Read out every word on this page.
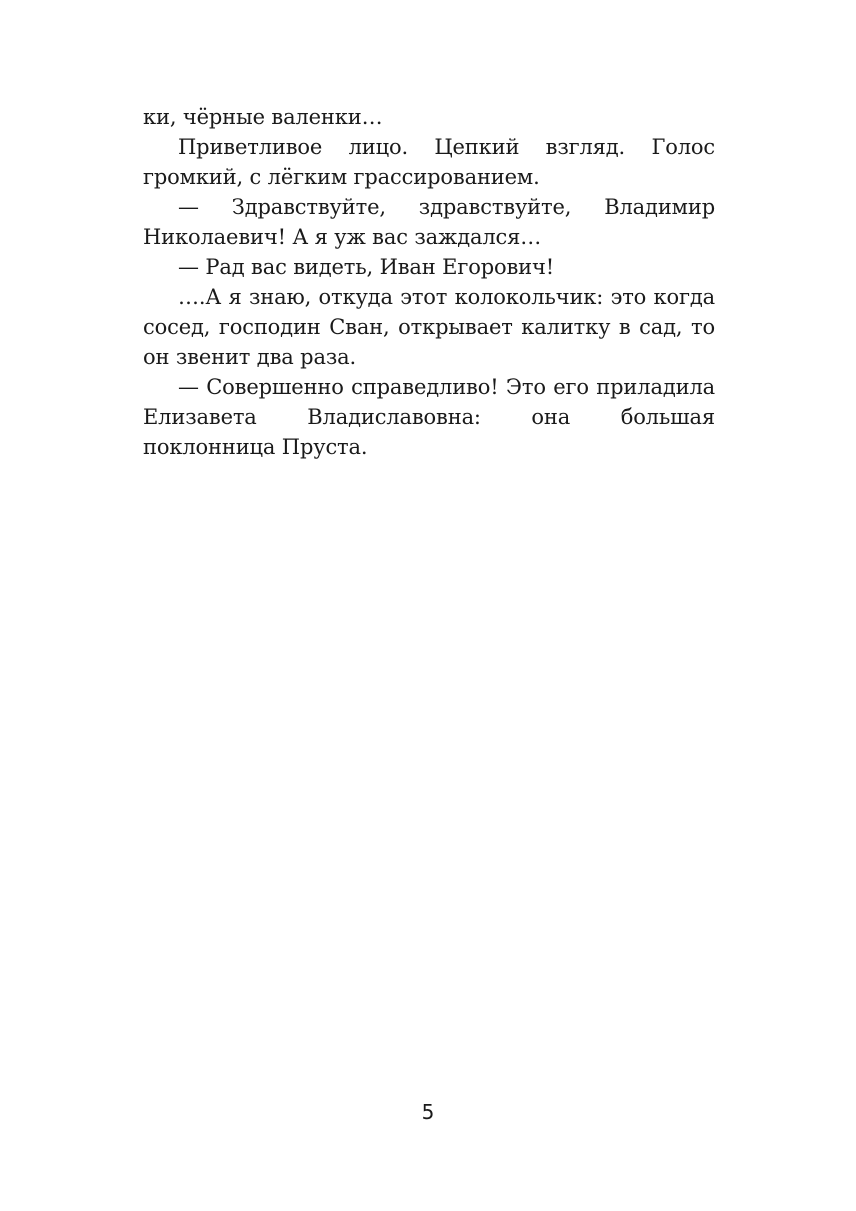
ки, чёрные валенки…

Приветливое лицо. Цепкий взгляд. Голос громкий, с лёгким грассированием.

— Здравствуйте, здравствуйте, Владимир Николаевич! А я уж вас заждался…

— Рад вас видеть, Иван Егорович!

….А я знаю, откуда этот колокольчик: это когда сосед, господин Сван, открывает калитку в сад, то он звенит два раза.

— Совершенно справедливо! Это его приладила Елизавета Владиславовна: она большая поклонница Пруста.

5
